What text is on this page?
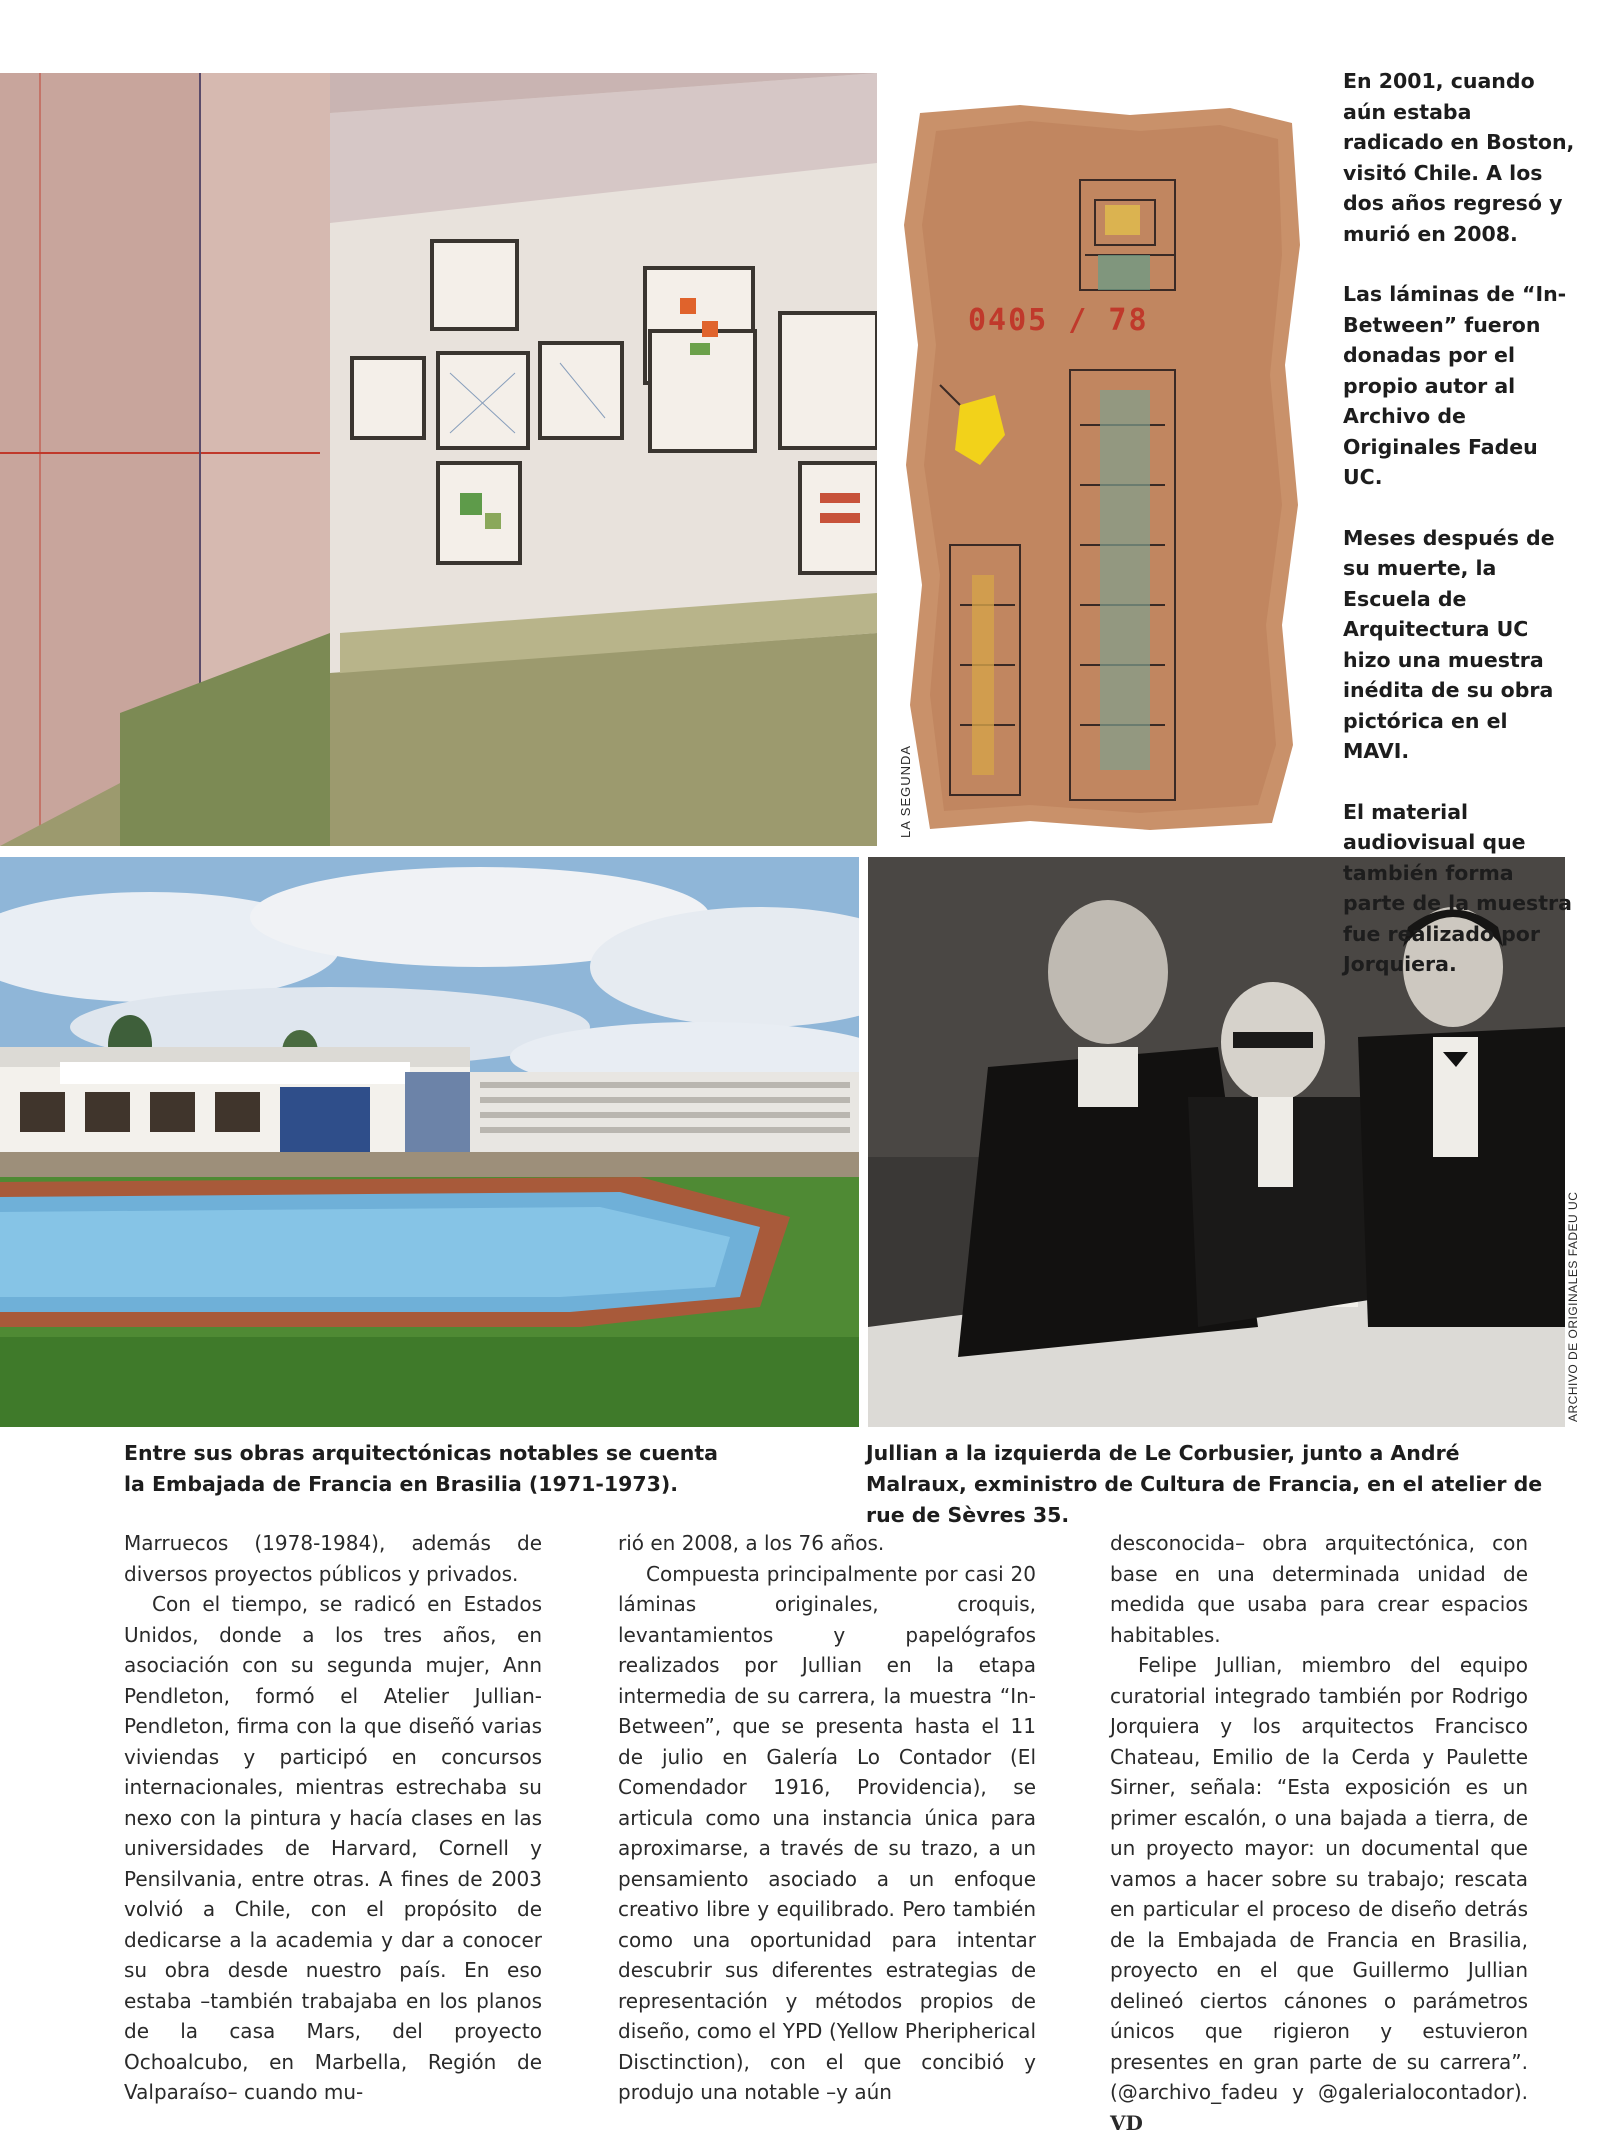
LA SEGUNDA
0405 / 78
ARCHIVO DE ORIGINALES FADEU UC

En 2001, cuando aún estaba radicado en Boston, visitó Chile. A los dos años regresó y murió en 2008.

Las láminas de “In-Between” fueron donadas por el propio autor al Archivo de Originales Fadeu UC.

Meses después de su muerte, la Escuela de Arquitectura UC hizo una muestra inédita de su obra pictórica en el MAVI.

El material audiovisual que también forma parte de la muestra fue realizado por Jorquiera.

Entre sus obras arquitectónicas notables se cuenta la Embajada de Francia en Brasilia (1971-1973).
Jullian a la izquierda de Le Corbusier, junto a André Malraux, exministro de Cultura de Francia, en el atelier de rue de Sèvres 35.

Marruecos (1978-1984), además de diversos proyectos públicos y privados.

Con el tiempo, se radicó en Estados Unidos, donde a los tres años, en asociación con su segunda mujer, Ann Pendleton, formó el Atelier Jullian-Pendleton, firma con la que diseñó varias viviendas y participó en concursos internacionales, mientras estrechaba su nexo con la pintura y hacía clases en las universidades de Harvard, Cornell y Pensilvania, entre otras. A fines de 2003 volvió a Chile, con el propósito de dedicarse a la academia y dar a conocer su obra desde nuestro país. En eso estaba –también trabajaba en los planos de la casa Mars, del proyecto Ochoalcubo, en Marbella, Región de Valparaíso– cuando mu-

rió en 2008, a los 76 años.

Compuesta principalmente por casi 20 láminas originales, croquis, levantamientos y papelógrafos realizados por Jullian en la etapa intermedia de su carrera, la muestra “In-Between”, que se presenta hasta el 11 de julio en Galería Lo Contador (El Comendador 1916, Providencia), se articula como una instancia única para aproximarse, a través de su trazo, a un pensamiento asociado a un enfoque creativo libre y equilibrado. Pero también como una oportunidad para intentar descubrir sus diferentes estrategias de representación y métodos propios de diseño, como el YPD (Yellow Pheripherical Disctinction), con el que concibió y produjo una notable –y aún

desconocida– obra arquitectónica, con base en una determinada unidad de medida que usaba para crear espacios habitables.

Felipe Jullian, miembro del equipo curatorial integrado también por Rodrigo Jorquiera y los arquitectos Francisco Chateau, Emilio de la Cerda y Paulette Sirner, señala: “Esta exposición es un primer escalón, o una bajada a tierra, de un proyecto mayor: un documental que vamos a hacer sobre su trabajo; rescata en particular el proceso de diseño detrás de la Embajada de Francia en Brasilia, proyecto en el que Guillermo Jullian delineó ciertos cánones o parámetros únicos que rigieron y estuvieron presentes en gran parte de su carrera”. (@archivo_fadeu y @galerialocontador). VD
